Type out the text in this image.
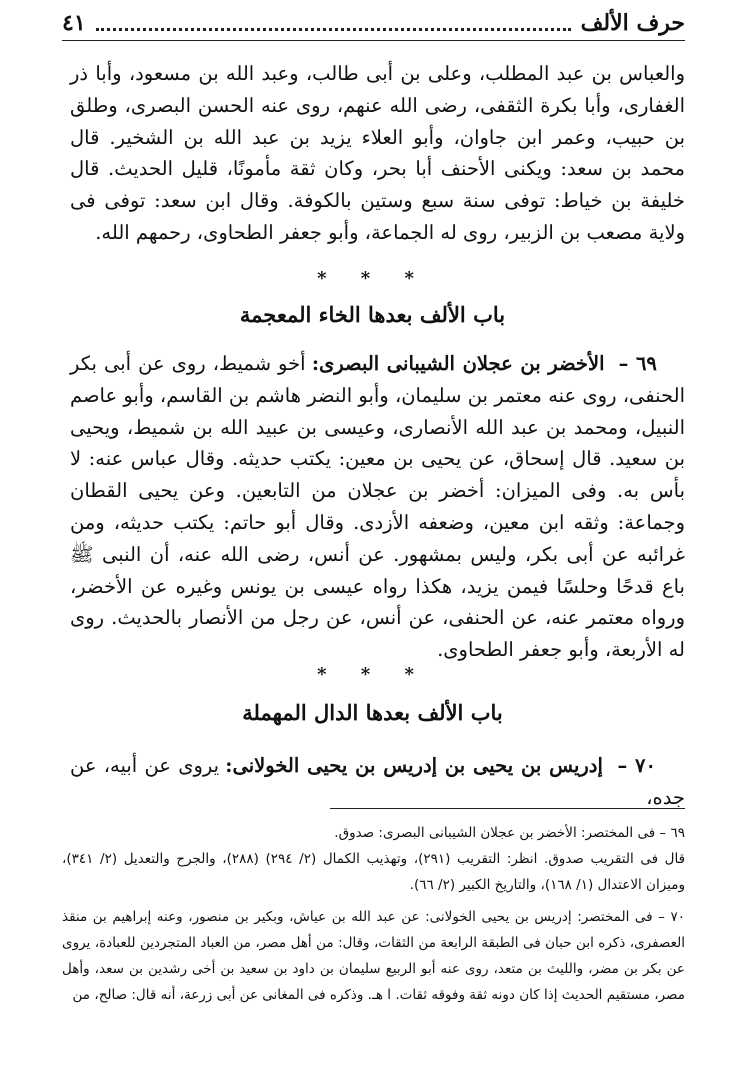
حرف الألف
٤١
والعباس بن عبد المطلب، وعلى بن أبى طالب، وعبد الله بن مسعود، وأبا ذر الغفارى، وأبا بكرة الثقفى، رضى الله عنهم، روى عنه الحسن البصرى، وطلق بن حبيب، وعمر ابن جاوان، وأبو العلاء يزيد بن عبد الله بن الشخير. قال محمد بن سعد: ويكنى الأحنف أبا بحر، وكان ثقة مأمونًا، قليل الحديث. قال خليفة بن خياط: توفى سنة سبع وستين بالكوفة. وقال ابن سعد: توفى فى ولاية مصعب بن الزبير، روى له الجماعة، وأبو جعفر الطحاوى، رحمهم الله.
* * *
باب الألف بعدها الخاء المعجمة
٦٩ –  الأخضر بن عجلان الشيبانى البصرى: أخو شميط، روى عن أبى بكر الحنفى، روى عنه معتمر بن سليمان، وأبو النضر هاشم بن القاسم، وأبو عاصم النبيل، ومحمد بن عبد الله الأنصارى، وعيسى بن عبيد الله بن شميط، ويحيى بن سعيد. قال إسحاق، عن يحيى بن معين: يكتب حديثه. وقال عباس عنه: لا بأس به. وفى الميزان: أخضر بن عجلان من التابعين. وعن يحيى القطان وجماعة: وثقه ابن معين، وضعفه الأزدى. وقال أبو حاتم: يكتب حديثه، ومن غرائبه عن أبى بكر، وليس بمشهور. عن أنس، رضى الله عنه، أن النبى ﷺ باع قدحًا وحلسًا فيمن يزيد، هكذا رواه عيسى بن يونس وغيره عن الأخضر، ورواه معتمر عنه، عن الحنفى، عن أنس، عن رجل من الأنصار بالحديث. روى له الأربعة، وأبو جعفر الطحاوى.
* * *
باب الألف بعدها الدال المهملة
٧٠ –  إدريس بن يحيى بن إدريس بن يحيى الخولانى: يروى عن أبيه، عن جده،
٦٩ – فى المختصر: الأخضر بن عجلان الشيبانى البصرى: صدوق.
قال فى التقريب صدوق. انظر: التقريب (٢٩١)، وتهذيب الكمال (٢/ ٢٩٤) (٢٨٨)، والجرح والتعديل (٢/ ٣٤١)، وميزان الاعتدال (١/ ١٦٨)، والتاريخ الكبير (٢/ ٦٦).
٧٠ – فى المختصر: إدريس بن يحيى الخولانى: عن عبد الله بن عياش، وبكير بن منصور، وعنه إبراهيم بن منقذ العصفرى، ذكره ابن حبان فى الطبقة الرابعة من الثقات، وقال: من أهل مصر، من العباد المتجردين للعبادة، يروى عن بكر بن مضر، والليث بن متعد، روى عنه أبو الربيع سليمان بن داود بن سعيد بن أخى رشدين بن سعد، وأهل مصر، مستقيم الحديث إذا كان دونه ثقة وفوقه ثقات. ا هـ. وذكره فى المغانى عن أبى زرعة، أنه قال: صالح، من
